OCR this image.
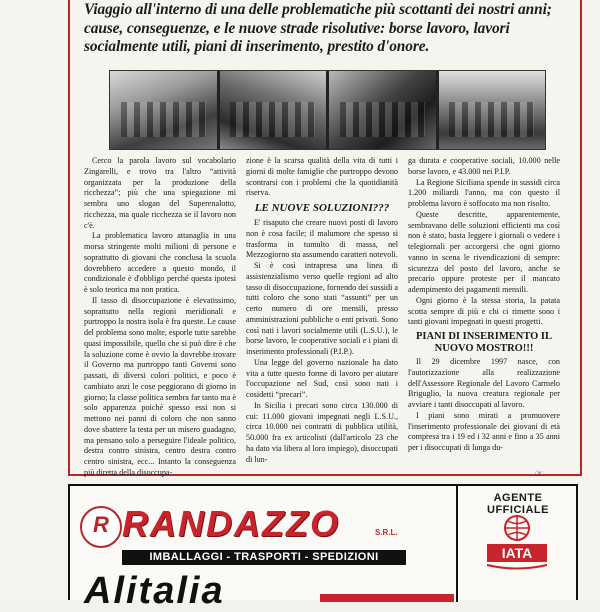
Viaggio all'interno di una delle problematiche più scottanti dei nostri anni; cause, conseguenze, e le nuove strade risolutive: borse lavoro, lavori socialmente utili, piani di inserimento, prestito d'onore.

Cerco la parola lavoro sul vocabolario Zingarelli, e trovo tra l'altro “attività organizzata per la produzione della ricchezza”; più che una spiegazione mi sembra uno slogan del Superenalotto, ricchezza, ma quale ricchezza se il lavoro non c'è.

La problematica lavoro attanaglia in una morsa stringente molti milioni di persone e soprattutto di giovani che conclusa la scuola dovrebbero accedere a questo mondo, il condizionale è d'obbligo perché questa ipotesi è solo teorica ma non pratica.

Il tasso di disoccupazione è elevatissimo, soprattutto nella regioni meridionali e purtroppo la nostra isola è fra queste. Le cause del problema sono molte, esporle tutte sarebbe quasi impossibile, quello che si può dire è che la soluzione come è ovvio la dovrebbe trovare il Governo ma purtroppo tanti Governi sono passati, di diversi colori politici, e poco è cambiato anzi le cose peggiorano di giorno in giorno; la classe politica sembra far tanto ma è solo apparenza poiché spesso essi non si mettono nei panni di coloro che non sanno dove sbattere la testa per un misero guadagno, ma pensano solo a perseguire l'ideale politico, destra contro sinistra, centro destra contro centro sinistra, ecc... Intanto la conseguenza più diretta della disoccupa-

zione è la scarsa qualità della vita di tutti i giorni di molte famiglie che purtroppo devono scontrarsi con i problemi che la quotidianità riserva.

LE NUOVE SOLUZIONI???

E' risaputo che creare nuovi posti di lavoro non è cosa facile; il malumore che spesso si trasforma in tumulto di massa, nel Mezzogiorno sta assumendo caratteri notevoli.

Si è così intrapresa una linea di assistenzialismo verso quelle regioni ad alto tasso di disoccupazione, fornendo dei sussidi a tutti coloro che sono stati “assunti” per un certo numero di ore mensili, presso amministrazioni pubbliche o enti privati. Sono così nati i lavori socialmente utili (L.S.U.), le borse lavoro, le cooperative sociali e i piani di inserimento professionali (P.I.P.).

Una legge del governo nazionale ha dato vita a tutte questo forme di lavoro per aiutare l'occupazione nel Sud, così sono nati i cosidetti “precari”.

In Sicilia i precari sono circa 130.000 di cui: 11.000 giovani impegnati negli L.S.U., circa 10.000 nei contratti di pubblica utilità, 50.000 fra ex articolisti (dall'articolo 23 che ha dato via libera al loro impiego), disoccupati di lun-

ga durata e cooperative sociali, 10.000 nelle borse lavoro, e 43.000 nei P.I.P.

La Regione Siciliana spende in sussidi circa 1.200 miliardi l'anno, ma con questo il problema lavoro è soffocato ma non risolto.

Queste descritte, apparentemente, sembravano delle soluzioni efficienti ma così non è stato, basta leggere i giornali o vedere i telegiornali per accorgersi che ogni giorno vanno in scena le rivendicazioni di sempre: sicurezza del posto del lavoro, anche se precario oppure proteste per il mancato adempimento dei pagamenti mensili.

Ogni giorno è la stessa storia, la patata scotta sempre di più e chi ci rimette sono i tanti giovani impegnati in questi progetti.

PIANI DI INSERIMENTO IL NUOVO MOSTRO!!!

Il 29 dicembre 1997 nasce, con l'autorizzazione alla realizzazione dell'Assessore Regionale del Lavoro Carmelo Briguglio, la nuova creatura regionale per avviare i tanti disoccupati al lavoro.

I piani sono mirati a promuovere l'inserimento professionale dei giovani di età compresa tra i 19 ed i 32 anni e fino a 35 anni per i disoccupati di lunga du-

☞
R RANDAZZO	S.R.L.
IMBALLAGGI - TRASPORTI - SPEDIZIONI
AGENTE UFFICIALE
IATA
Alitalia
